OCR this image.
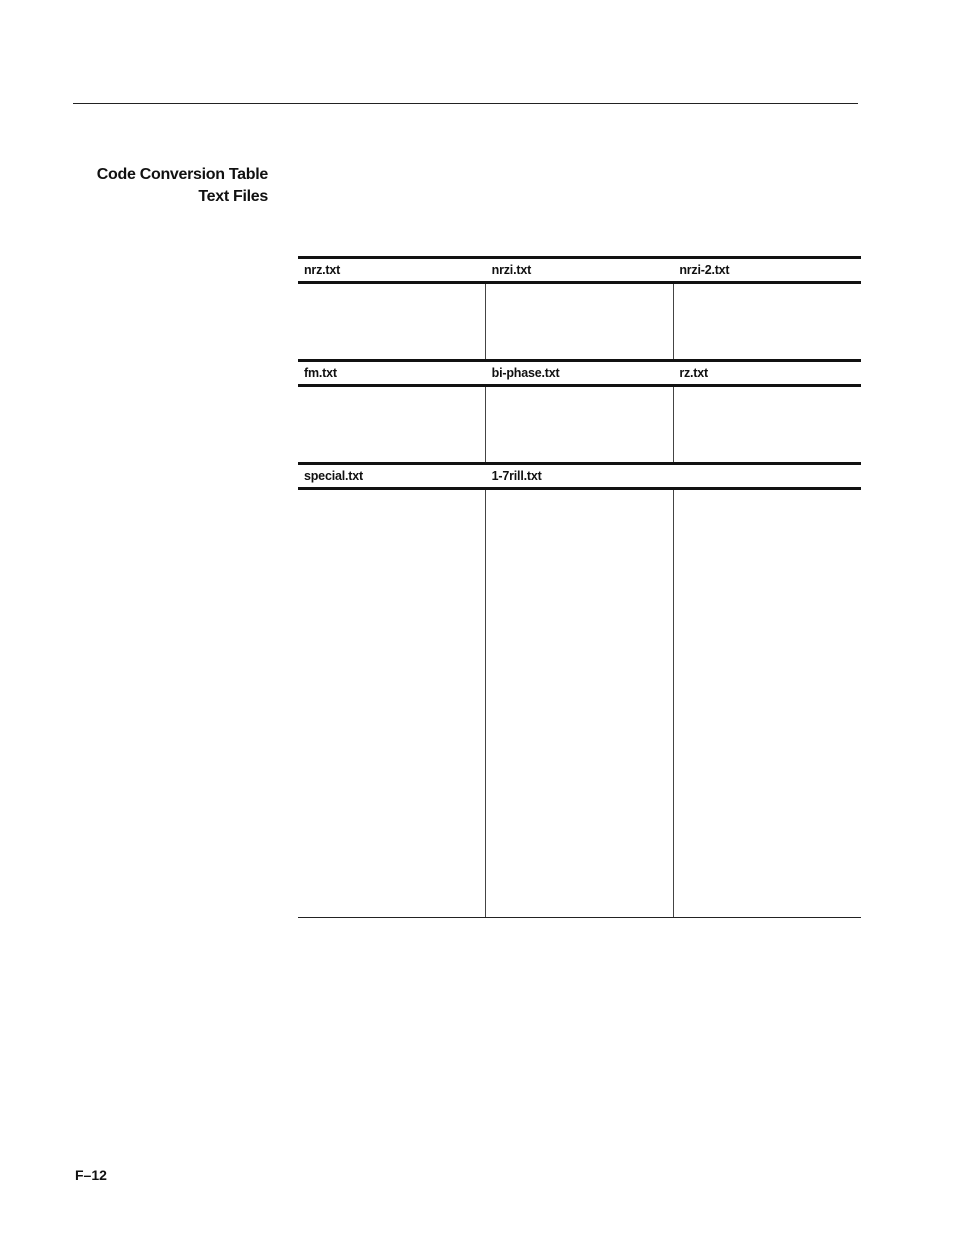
Code Conversion Table
Text Files
nrz.txt	nrzi.txt	nrzi-2.txt

fm.txt	bi-phase.txt	rz.txt

special.txt	1-7rill.txt	

F–12
